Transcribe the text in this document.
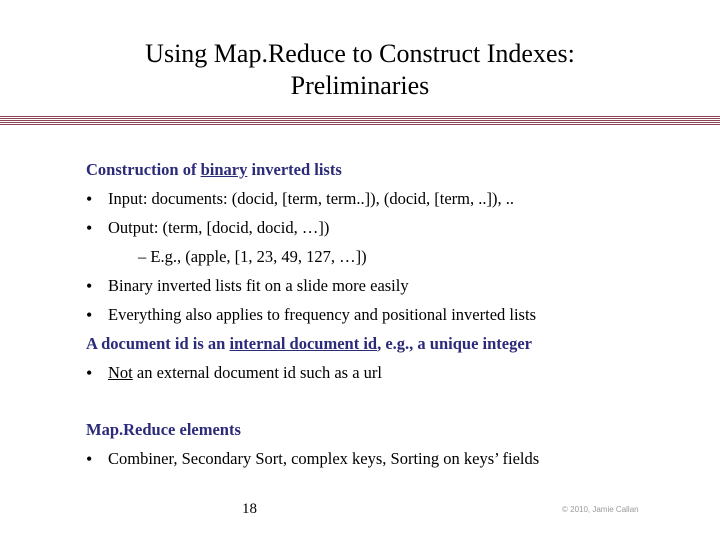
Using Map.Reduce to Construct Indexes:
Preliminaries
Construction of binary inverted lists
• Input: documents: (docid, [term, term..]), (docid, [term, ..]), ..
• Output: (term, [docid, docid, …])
– E.g., (apple, [1, 23, 49, 127, …])
• Binary inverted lists fit on a slide more easily
• Everything also applies to frequency and positional inverted lists
A document id is an internal document id, e.g., a unique integer
• Not an external document id such as a url
Map.Reduce elements
• Combiner, Secondary Sort, complex keys, Sorting on keys’ fields
18	© 2010, Jamie Callan
